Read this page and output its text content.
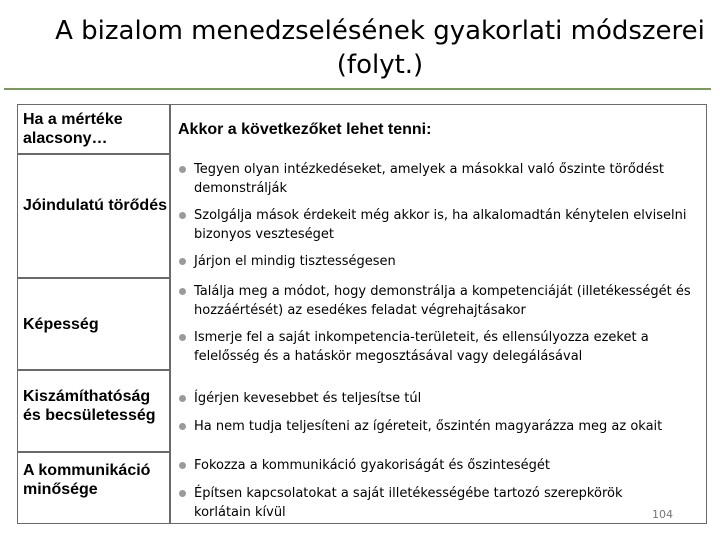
A bizalom menedzselésének gyakorlati módszerei
(folyt.)
Ha a mértéke alacsony…
Jóindulatú törődés
Képesség
Kiszámíthatóság és becsületesség
A kommunikáció minősége
Akkor a következőket lehet tenni:
Tegyen olyan intézkedéseket, amelyek a másokkal való őszinte törődést demonstrálják
Szolgálja mások érdekeit még akkor is, ha alkalomadtán kénytelen elviselni bizonyos veszteséget
Járjon el mindig tisztességesen
Találja meg a módot, hogy demonstrálja a kompetenciáját (illetékességét és hozzáértését) az esedékes feladat végrehajtásakor
Ismerje fel a saját inkompetencia-területeit, és ellensúlyozza ezeket a felelősség és a hatáskör megosztásával vagy delegálásával
Ígérjen kevesebbet és teljesítse túl
Ha nem tudja teljesíteni az ígéreteit, őszintén magyarázza meg az okait
Fokozza a kommunikáció gyakoriságát és őszinteségét
Építsen kapcsolatokat a saját illetékességébe tartozó szerepkörök korlátain kívül	104
